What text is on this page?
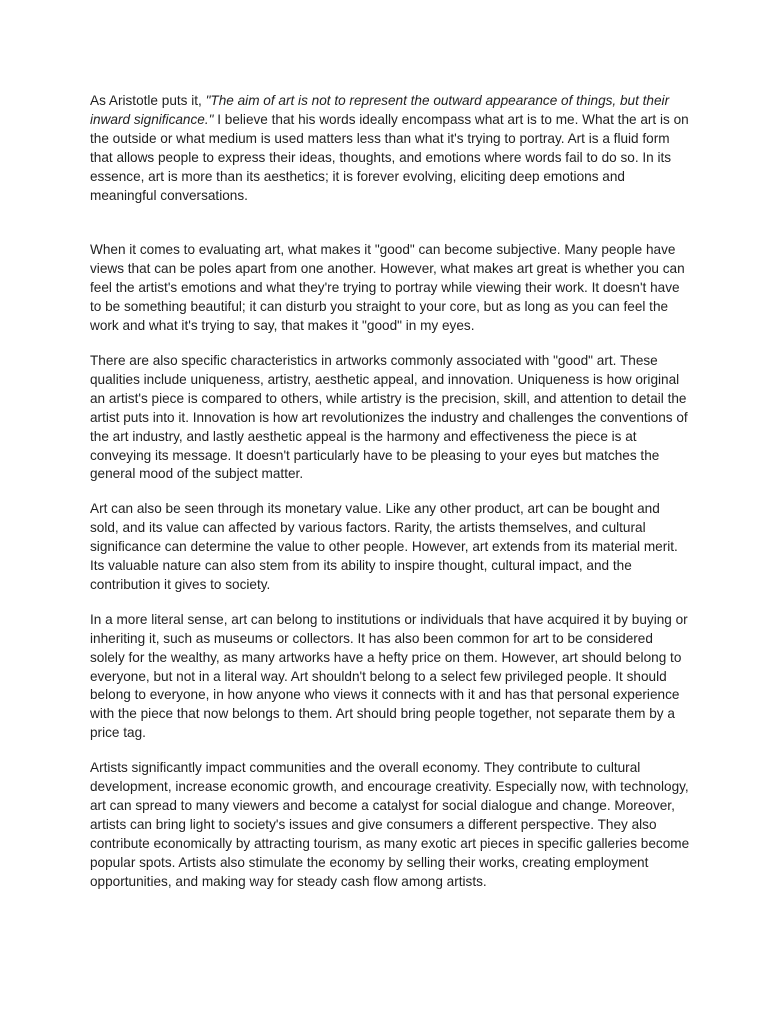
As Aristotle puts it, "The aim of art is not to represent the outward appearance of things, but their inward significance." I believe that his words ideally encompass what art is to me. What the art is on the outside or what medium is used matters less than what it's trying to portray. Art is a fluid form that allows people to express their ideas, thoughts, and emotions where words fail to do so. In its essence, art is more than its aesthetics; it is forever evolving, eliciting deep emotions and meaningful conversations.

When it comes to evaluating art, what makes it "good" can become subjective. Many people have views that can be poles apart from one another. However, what makes art great is whether you can feel the artist's emotions and what they're trying to portray while viewing their work. It doesn't have to be something beautiful; it can disturb you straight to your core, but as long as you can feel the work and what it's trying to say, that makes it "good" in my eyes.

There are also specific characteristics in artworks commonly associated with "good" art. These qualities include uniqueness, artistry, aesthetic appeal, and innovation. Uniqueness is how original an artist's piece is compared to others, while artistry is the precision, skill, and attention to detail the artist puts into it. Innovation is how art revolutionizes the industry and challenges the conventions of the art industry, and lastly aesthetic appeal is the harmony and effectiveness the piece is at conveying its message. It doesn't particularly have to be pleasing to your eyes but matches the general mood of the subject matter.

Art can also be seen through its monetary value. Like any other product, art can be bought and sold, and its value can affected by various factors. Rarity, the artists themselves, and cultural significance can determine the value to other people. However, art extends from its material merit. Its valuable nature can also stem from its ability to inspire thought, cultural impact, and the contribution it gives to society.

In a more literal sense, art can belong to institutions or individuals that have acquired it by buying or inheriting it, such as museums or collectors. It has also been common for art to be considered solely for the wealthy, as many artworks have a hefty price on them. However, art should belong to everyone, but not in a literal way. Art shouldn't belong to a select few privileged people. It should belong to everyone, in how anyone who views it connects with it and has that personal experience with the piece that now belongs to them. Art should bring people together, not separate them by a price tag.

Artists significantly impact communities and the overall economy. They contribute to cultural development, increase economic growth, and encourage creativity. Especially now, with technology, art can spread to many viewers and become a catalyst for social dialogue and change. Moreover, artists can bring light to society's issues and give consumers a different perspective. They also contribute economically by attracting tourism, as many exotic art pieces in specific galleries become popular spots. Artists also stimulate the economy by selling their works, creating employment opportunities, and making way for steady cash flow among artists.
